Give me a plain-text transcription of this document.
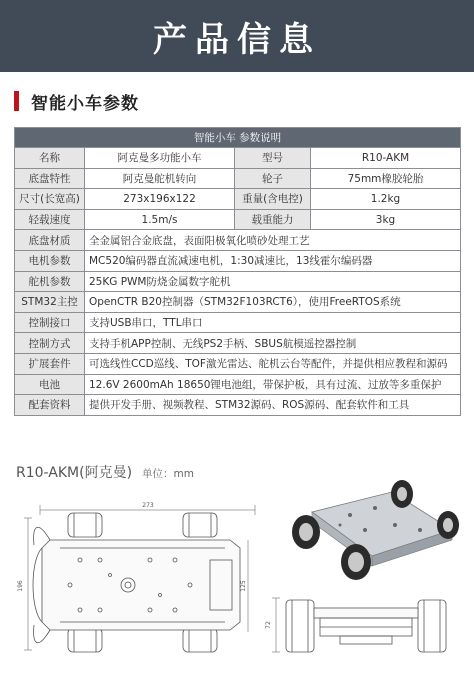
产品信息
智能小车参数
智能小车 参数说明			
名称	阿克曼多功能小车	型号	R10-AKM
底盘特性	阿克曼舵机转向	轮子	75mm橡胶轮胎
尺寸(长宽高)	273x196x122	重量(含电控)	1.2kg
轻载速度	1.5m/s	载重能力	3kg
底盘材质	全金属铝合金底盘，表面阳极氧化喷砂处理工艺		
电机参数	MC520编码器直流减速电机，1:30减速比，13线霍尔编码器		
舵机参数	25KG PWM防烧金属数字舵机		
STM32主控	OpenCTR B20控制器（STM32F103RCT6），使用FreeRTOS系统		
控制接口	支持USB串口，TTL串口		
控制方式	支持手机APP控制、无线PS2手柄、SBUS航模遥控器控制		
扩展套件	可选线性CCD巡线、TOF激光雷达、舵机云台等配件，并提供相应教程和源码		
电池	12.6V 2600mAh 18650锂电池组，带保护板，具有过流、过放等多重保护		
配套资料	提供开发手册、视频教程、STM32源码、ROS源码、配套软件和工具		
R10-AKM(阿克曼) 单位：mm
273
196	125
72
